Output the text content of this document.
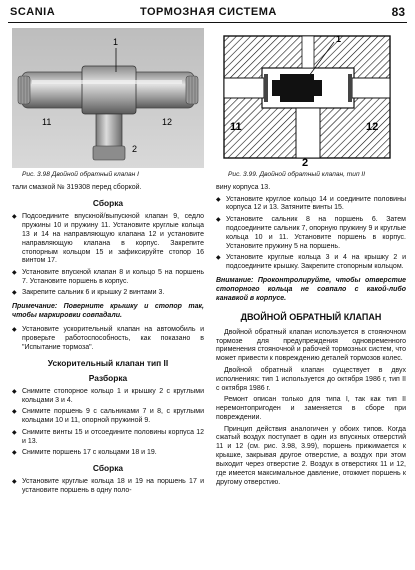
SCANIA	ТОРМОЗНАЯ СИСТЕМА	83
1
11	12
2
Рис. 3.98 Двойной обратный клапан I
1
11	12
2
Рис. 3.99. Двойной обратный клапан, тип II

тали смазкой № 319308 перед сборкой.

Сборка

◆ Подсоедините впускной/выпускной клапан 9, седло пружины 10 и пружину 11. Установите круглые кольца 13 и 14 на направляющую клапана 12 и установите направляющую клапана в корпус. Закрепите стопорным кольцом 15 и зафиксируйте стопор 16 винтом 17.

◆ Установите впускной клапан 8 и кольцо 5 на поршень 7. Установите поршень в корпус.

◆ Закрепите сальник 6 и крышку 2 винтами 3.

Примечание: Поверните крышку и стопор так, чтобы маркировки совпадали.

◆ Установите ускорительный клапан на автомобиль и проверьте работоспособность, как показано в "Испытание тормоза".

Ускорительный клапан тип II
Разборка

◆ Снимите стопорное кольцо 1 и крышку 2 с круглыми кольцами 3 и 4.

◆ Снимите поршень 9 с сальниками 7 и 8, с круглыми кольцами 10 и 11, опорной пружиной 9.

◆ Снимите винты 15 и отсоедините половины корпуса 12 и 13.

◆ Снимите поршень 17 с кольцами 18 и 19.

Сборка

◆ Установите круглые кольца 18 и 19 на поршень 17 и установите поршень в одну поло-

вину корпуса 13.

◆ Установите круглое кольцо 14 и соедините половины корпуса 12 и 13. Затяните винты 15.

◆ Установите сальник 8 на поршень 6. Затем подсоедините сальник 7, опорную пружину 9 и круглые кольца 10 и 11. Установите поршень в корпус. Установите пружину 5 на поршень.

◆ Установите круглые кольца 3 и 4 на крышку 2 и подсоедините крышку. Закрепите стопорным кольцом.

Внимание: Проконтролируйте, чтобы отверстие стопорного кольца не совпало с какой-либо канавкой в корпусе.

ДВОЙНОЙ ОБРАТНЫЙ КЛАПАН

Двойной обратный клапан используется в стояночном тормозе для предупреждения одновременного применения стояночной и рабочей тормозных систем, что может привести к повреждению деталей тормозов колес.

Двойной обратный клапан существует в двух исполнениях: тип 1 используется до октября 1986 г, тип II с октября 1986 г.

Ремонт описан только для типа I, так как тип II неремонтопригоден и заменяется в сборе при повреждении.

Принцип действия аналогичен у обоих типов. Когда сжатый воздух поступает в один из впускных отверстий 11 и 12 (см. рис. 3.98, 3.99), поршень прижимается к крышке, закрывая другое отверстие, а воздух при этом выходит через отверстие 2. Воздух в отверстиях 11 и 12, где имеется максимальное давление, отожмет поршень к другому отверстию.
